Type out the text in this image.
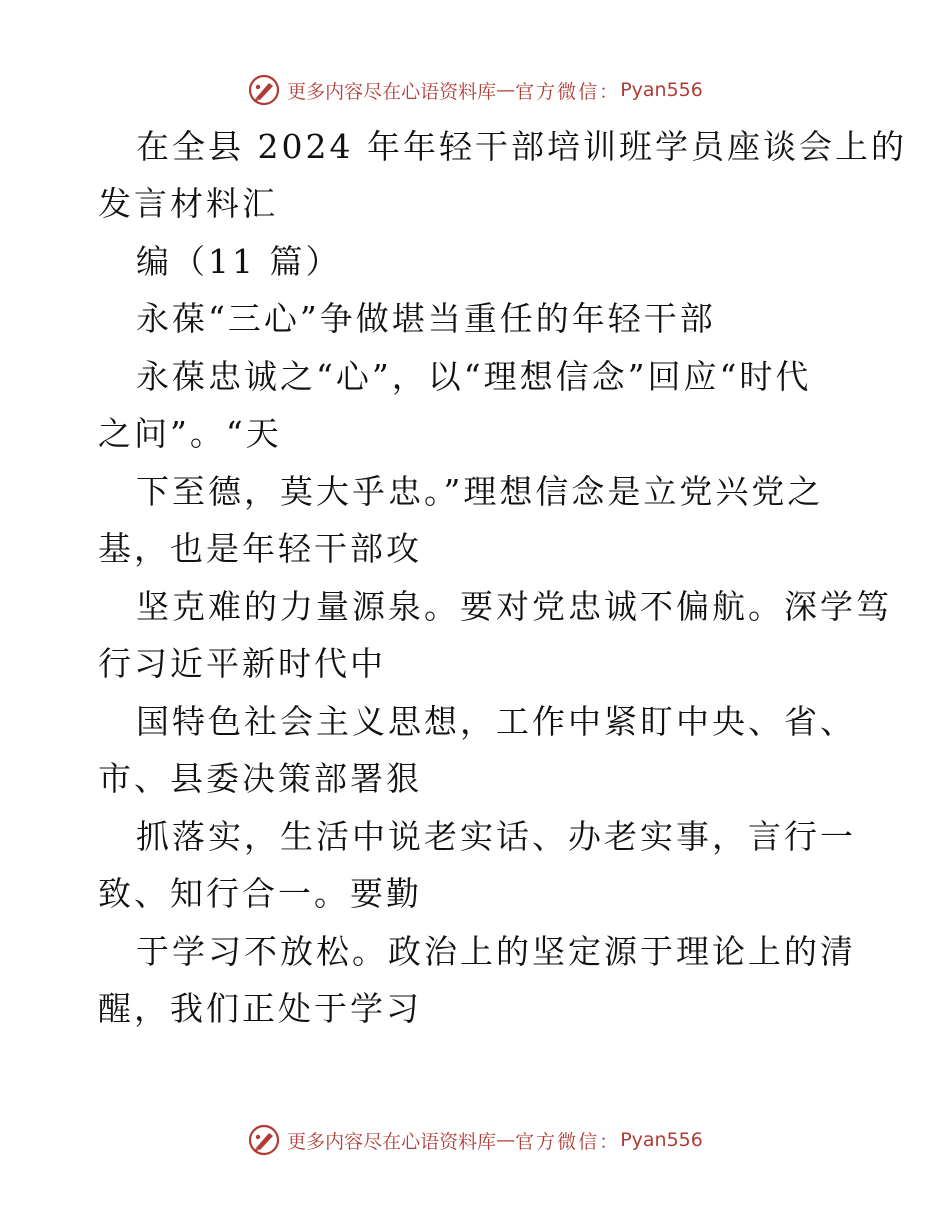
更多内容尽在心语资料库 — 官方微信： Pyan556
在全县 2024 年年轻干部培训班学员座谈会上的
发言材料汇
编（11 篇）
永葆“三心”争做堪当重任的年轻干部
永葆忠诚之“心”，以“理想信念”回应“时代
之问”。“天
下至德，莫大乎忠。”理想信念是立党兴党之
基，也是年轻干部攻
坚克难的力量源泉。要对党忠诚不偏航。深学笃
行习近平新时代中
国特色社会主义思想，工作中紧盯中央、省、
市、县委决策部署狠
抓落实，生活中说老实话、办老实事，言行一
致、知行合一。要勤
于学习不放松。政治上的坚定源于理论上的清
醒，我们正处于学习
更多内容尽在心语资料库 — 官方微信： Pyan556
